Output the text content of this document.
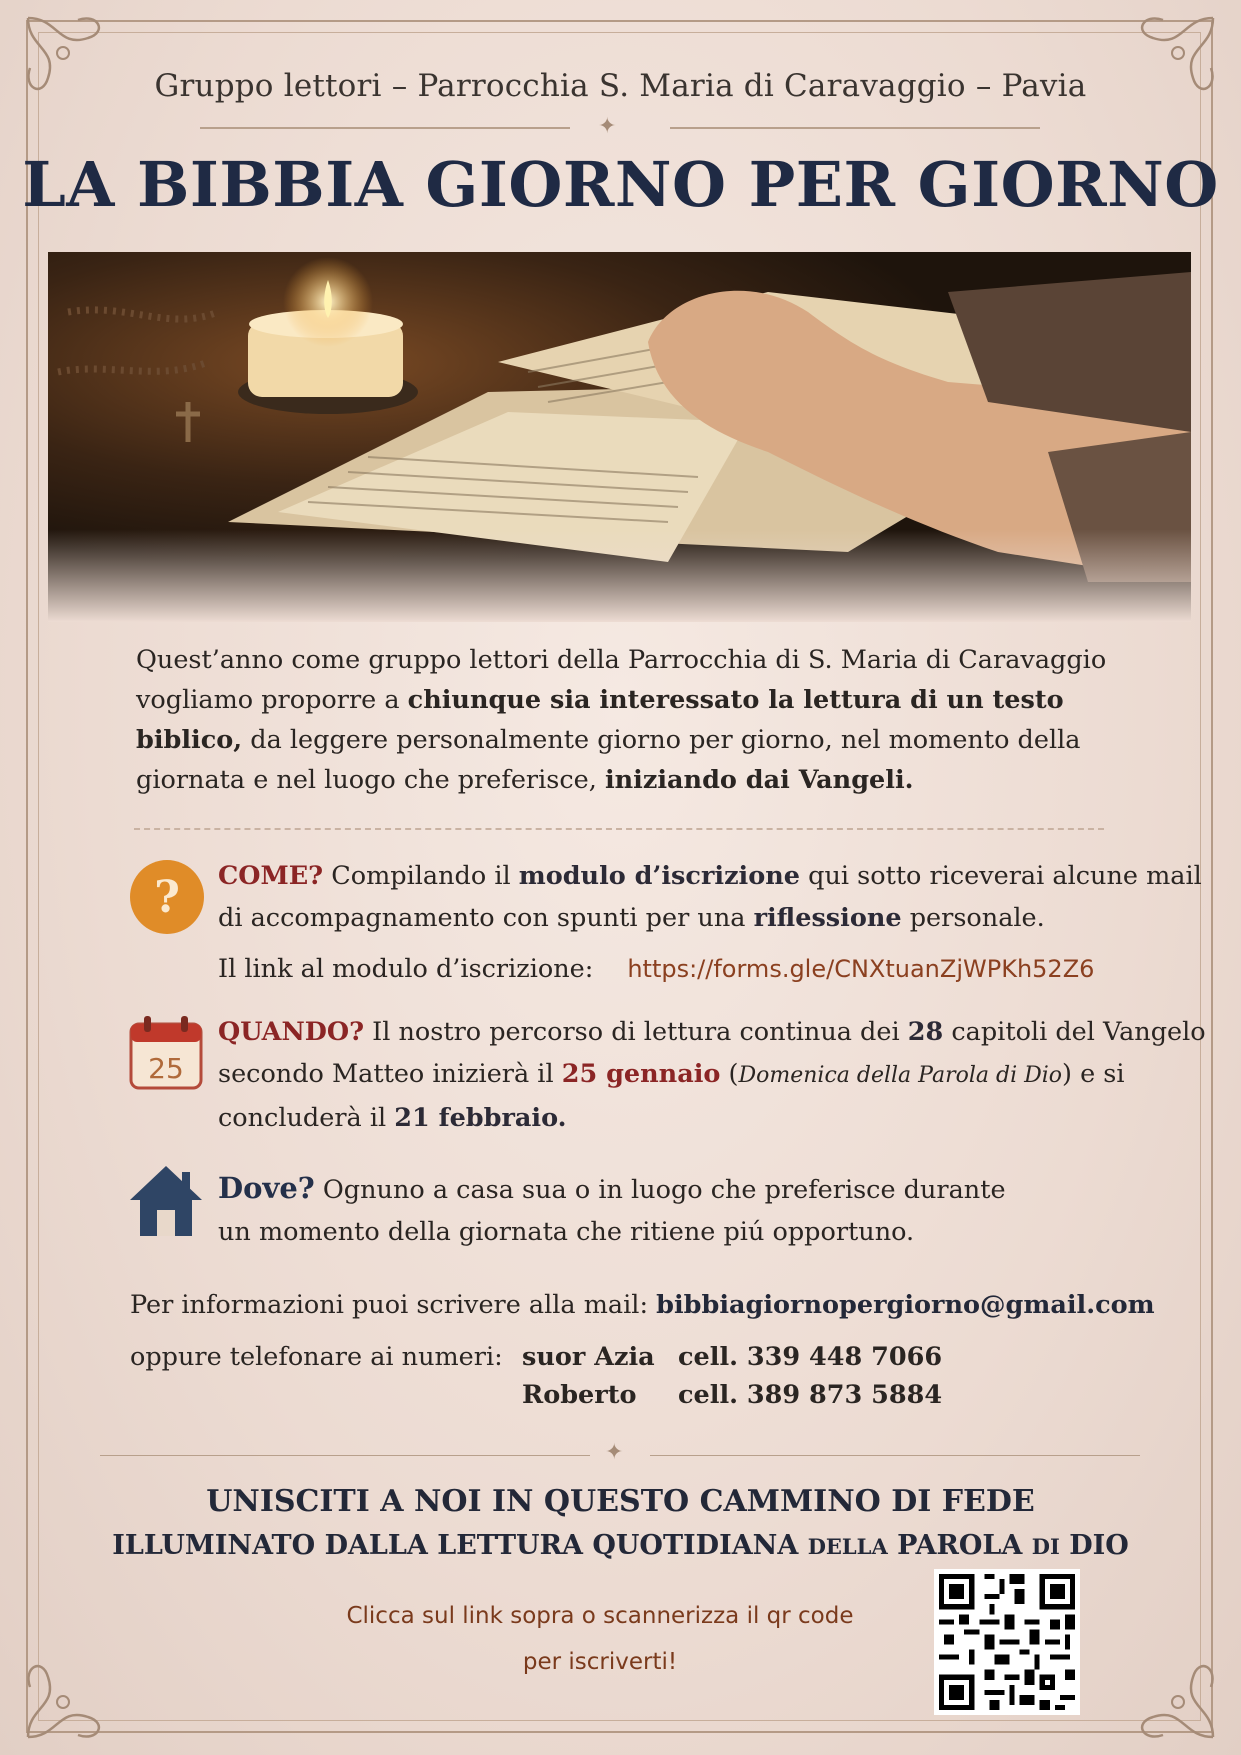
Gruppo lettori – Parrocchia S. Maria di Caravaggio – Pavia
✦
LA BIBBIA GIORNO PER GIORNO
Quest’anno come gruppo lettori della Parrocchia di S. Maria di Caravaggio vogliamo proporre a chiunque sia interessato la lettura di un testo biblico, da leggere personalmente giorno per giorno, nel momento della giornata e nel luogo che preferisce, iniziando dai Vangeli.
? COME? Compilando il modulo d’iscrizione qui sotto riceverai alcune mail di accompagnamento con spunti per una riflessione personale.
Il link al modulo d’iscrizione: https://forms.gle/CNXtuanZjWPKh52Z6
25
QUANDO? Il nostro percorso di lettura continua dei 28 capitoli del Vangelo secondo Matteo inizierà il 25 gennaio (Domenica della Parola di Dio) e si concluderà il 21 febbraio.
Dove? Ognuno a casa sua o in luogo che preferisce durante un momento della giornata che ritiene piú opportuno.
Per informazioni puoi scrivere alla mail: bibbiagiornopergiorno@gmail.com
oppure telefonare ai numeri: suor Azia cell. 339 448 7066
Roberto cell. 389 873 5884
✦
UNISCITI A NOI IN QUESTO CAMMINO DI FEDE
ILLUMINATO DALLA LETTURA QUOTIDIANA DELLA PAROLA DI DIO
Clicca sul link sopra o scannerizza il qr code
per iscriverti!
